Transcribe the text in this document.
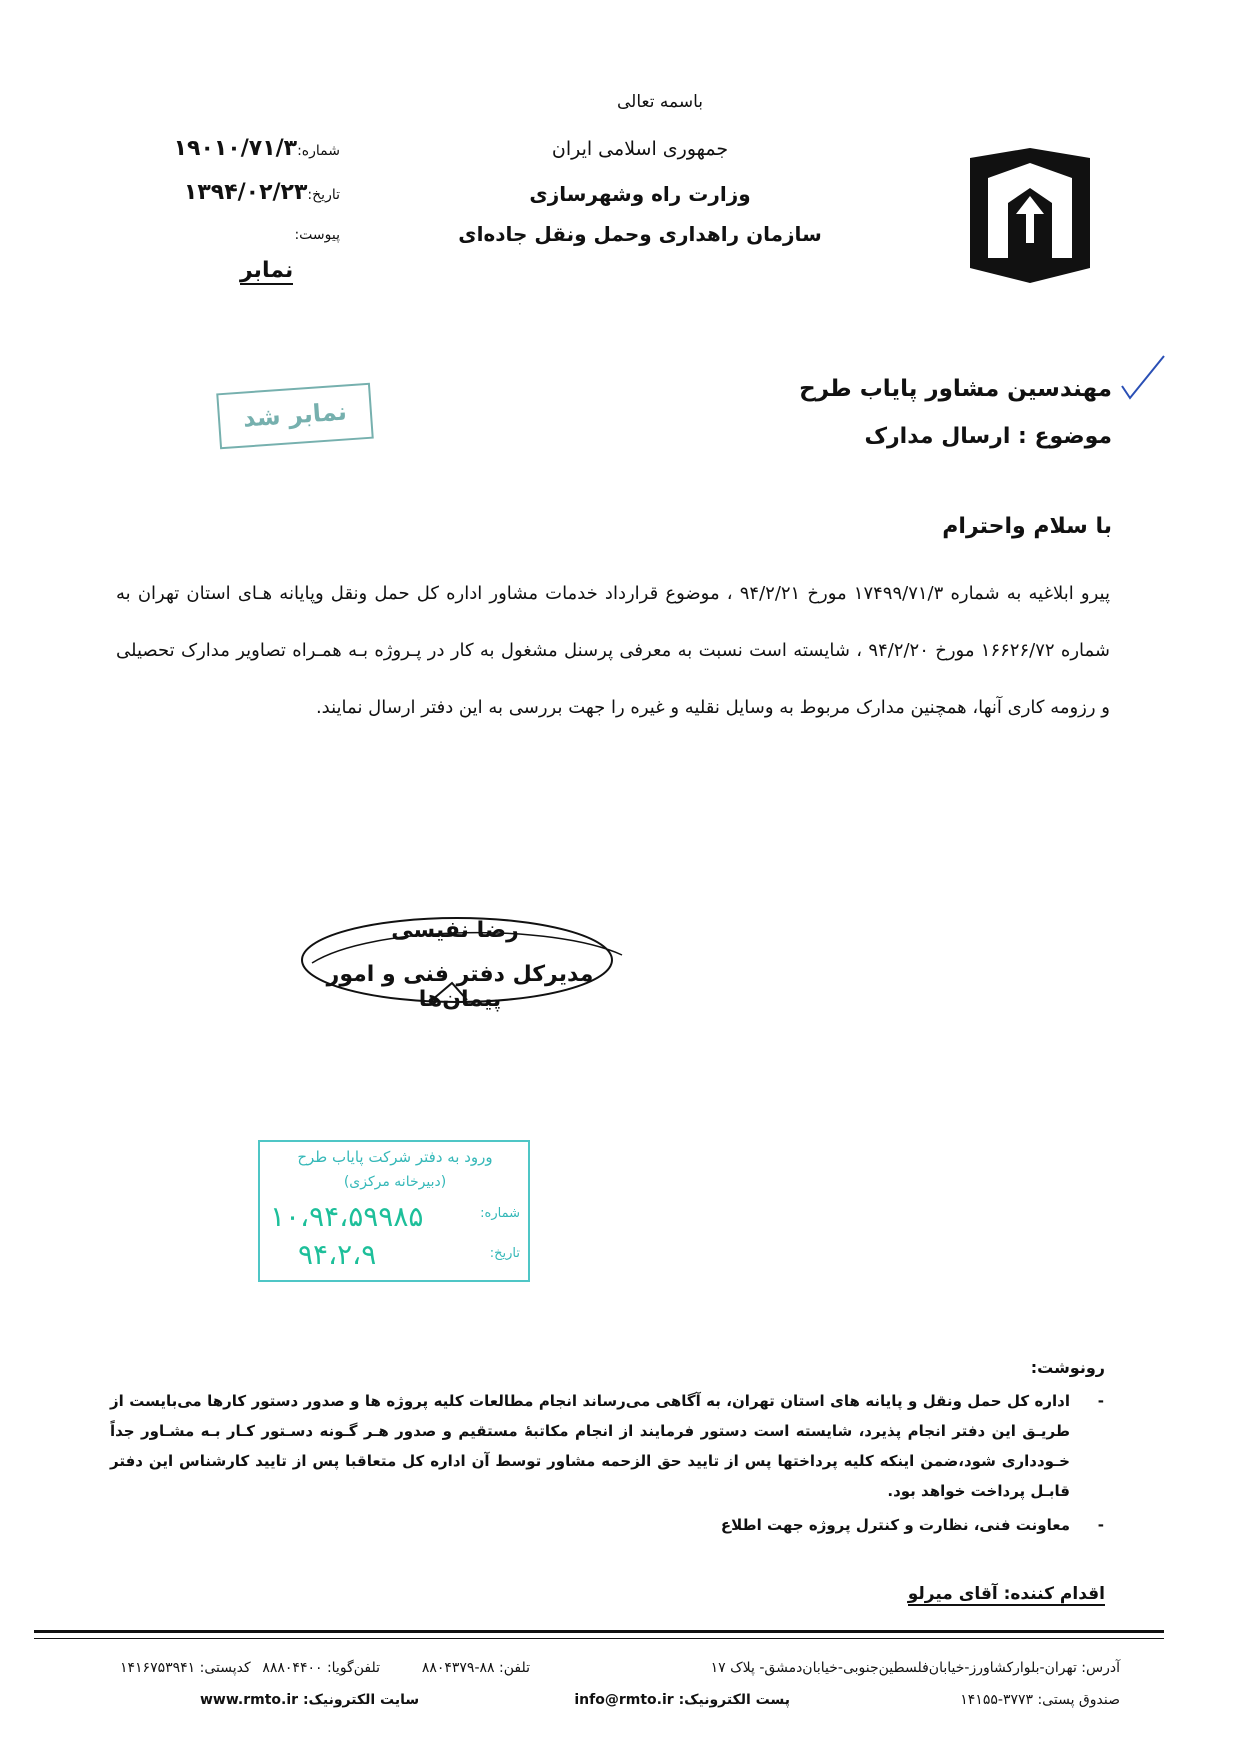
باسمه تعالی
جمهوری اسلامی ایران
وزارت راه وشهرسازی
سازمان راهداری وحمل ونقل جاده‌ای
شماره:۱۹۰۱۰/۷۱/۳
تاریخ:۱۳۹۴/۰۲/۲۳
پیوست:
نمابر
نمابر شد
مهندسین مشاور پایاب طرح
موضوع : ارسال مدارک
با سلام واحترام
پیرو ابلاغیه به شماره ۱۷۴۹۹/۷۱/۳ مورخ ۹۴/۲/۲۱ ، موضوع قرارداد خدمات مشاور اداره کل حمل ونقل وپایانه هـای استان تهران به شماره ۱۶۶۲۶/۷۲ مورخ ۹۴/۲/۲۰ ، شایسته است نسبت به معرفی پرسنل مشغول به کار در پـروژه بـه همـراه تصاویر مدارک تحصیلی و رزومه کاری آنها، همچنین مدارک مربوط به وسایل نقلیه و غیره را جهت بررسی به این دفتر ارسال نمایند.
رضا نفیسی
مدیرکل دفتر فنی و امور پیمان‌ها
ورود به دفتر شرکت پایاب طرح
(دبیرخانه مرکزی)
شماره:
۱۰،۹۴،۵۹۹۸۵
تاریخ:
۹۴،۲،۹
رونوشت:
-
اداره کل حمل ونقل و پایانه های استان تهران، به آگاهی می‌رساند انجام مطالعات کلیه پروژه ها و صدور دستور کارها می‌بایست از طریـق این دفتر انجام پذیرد، شایسته است دستور فرمایند از انجام مکاتبهٔ مستقیم و صدور هـر گـونه دسـتور کـار بـه مشـاور جداً خـودداری شود،ضمن اینکه کلیه پرداختها پس از تایید حق الزحمه مشاور توسط آن اداره کل متعاقبا پس از تایید کارشناس این دفتر قابـل پرداخت خواهد بود.
-
معاونت فنی، نظارت و کنترل پروژه جهت اطلاع
اقدام کننده: آقای میرلو
آدرس: تهران-بلوارکشاورز-خیابان‌فلسطین‌جنوبی-خیابان‌دمشق- پلاک ۱۷
تلفن: ۸۸-۸۸۰۴۳۷۹
تلفن‌گویا: ۸۸۸۰۴۴۰۰
کدپستی: ۱۴۱۶۷۵۳۹۴۱
صندوق پستی: ۳۷۷۳-۱۴۱۵۵
پست الکترونیک: info@rmto.ir
سایت الکترونیک: www.rmto.ir
